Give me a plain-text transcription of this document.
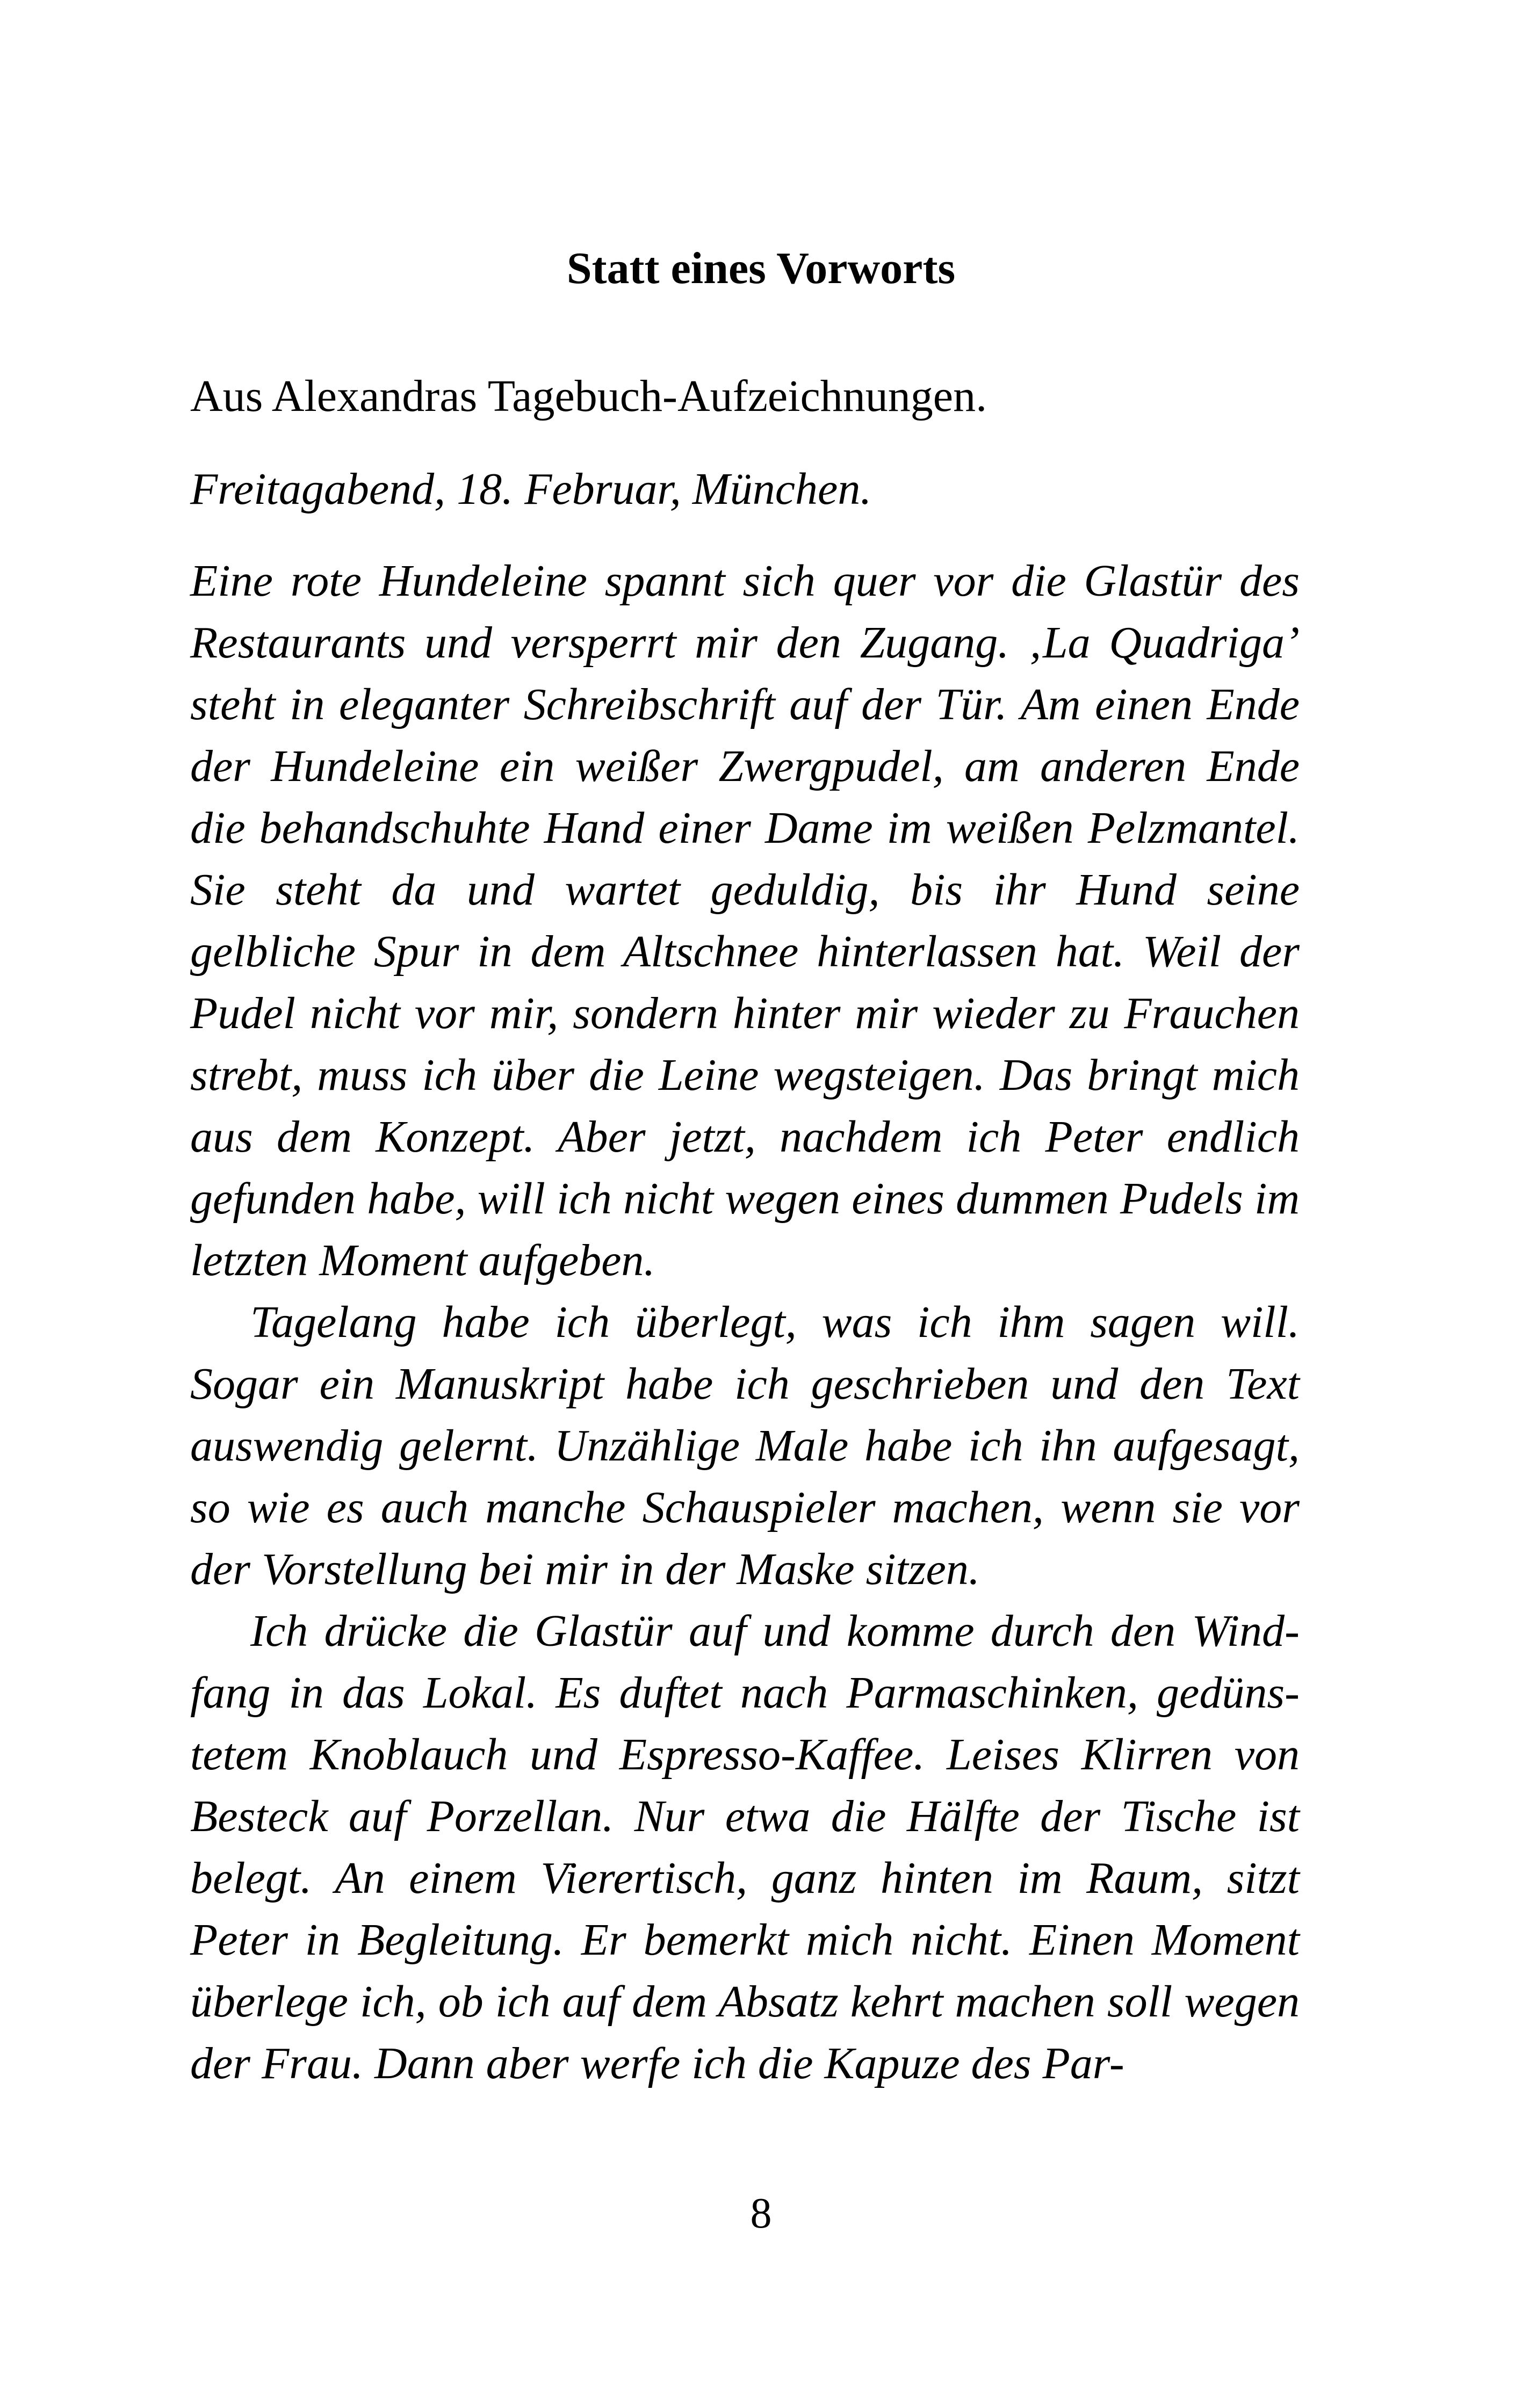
Statt eines Vorworts

Aus Alexandras Tagebuch-Aufzeichnungen.

Freitagabend, 18. Februar, München.

Eine rote Hundeleine spannt sich quer vor die Glastür des Restaurants und versperrt mir den Zugang. ‚La Quadriga’ steht in eleganter Schreibschrift auf der Tür. Am einen Ende der Hundeleine ein weißer Zwergpudel, am anderen Ende die behandschuhte Hand einer Dame im weißen Pelzmantel. Sie steht da und wartet geduldig, bis ihr Hund seine gelbliche Spur in dem Altschnee hinterlassen hat. Weil der Pudel nicht vor mir, sondern hinter mir wieder zu Frauchen strebt, muss ich über die Leine wegsteigen. Das bringt mich aus dem Konzept. Aber jetzt, nachdem ich Peter endlich gefunden habe, will ich nicht wegen eines dummen Pudels im letzten Moment aufgeben.

Tagelang habe ich überlegt, was ich ihm sagen will. Sogar ein Manuskript habe ich geschrieben und den Text auswendig gelernt. Unzählige Male habe ich ihn aufgesagt, so wie es auch manche Schauspieler machen, wenn sie vor der Vorstellung bei mir in der Maske sitzen.

Ich drücke die Glastür auf und komme durch den Windfang in das Lokal. Es duftet nach Parmaschinken, gedünstetem Knoblauch und Espresso-Kaffee. Leises Klirren von Besteck auf Porzellan. Nur etwa die Hälfte der Tische ist belegt. An einem Vierertisch, ganz hinten im Raum, sitzt Peter in Begleitung. Er bemerkt mich nicht. Einen Moment überlege ich, ob ich auf dem Absatz kehrt machen soll wegen der Frau. Dann aber werfe ich die Kapuze des Par-

8
